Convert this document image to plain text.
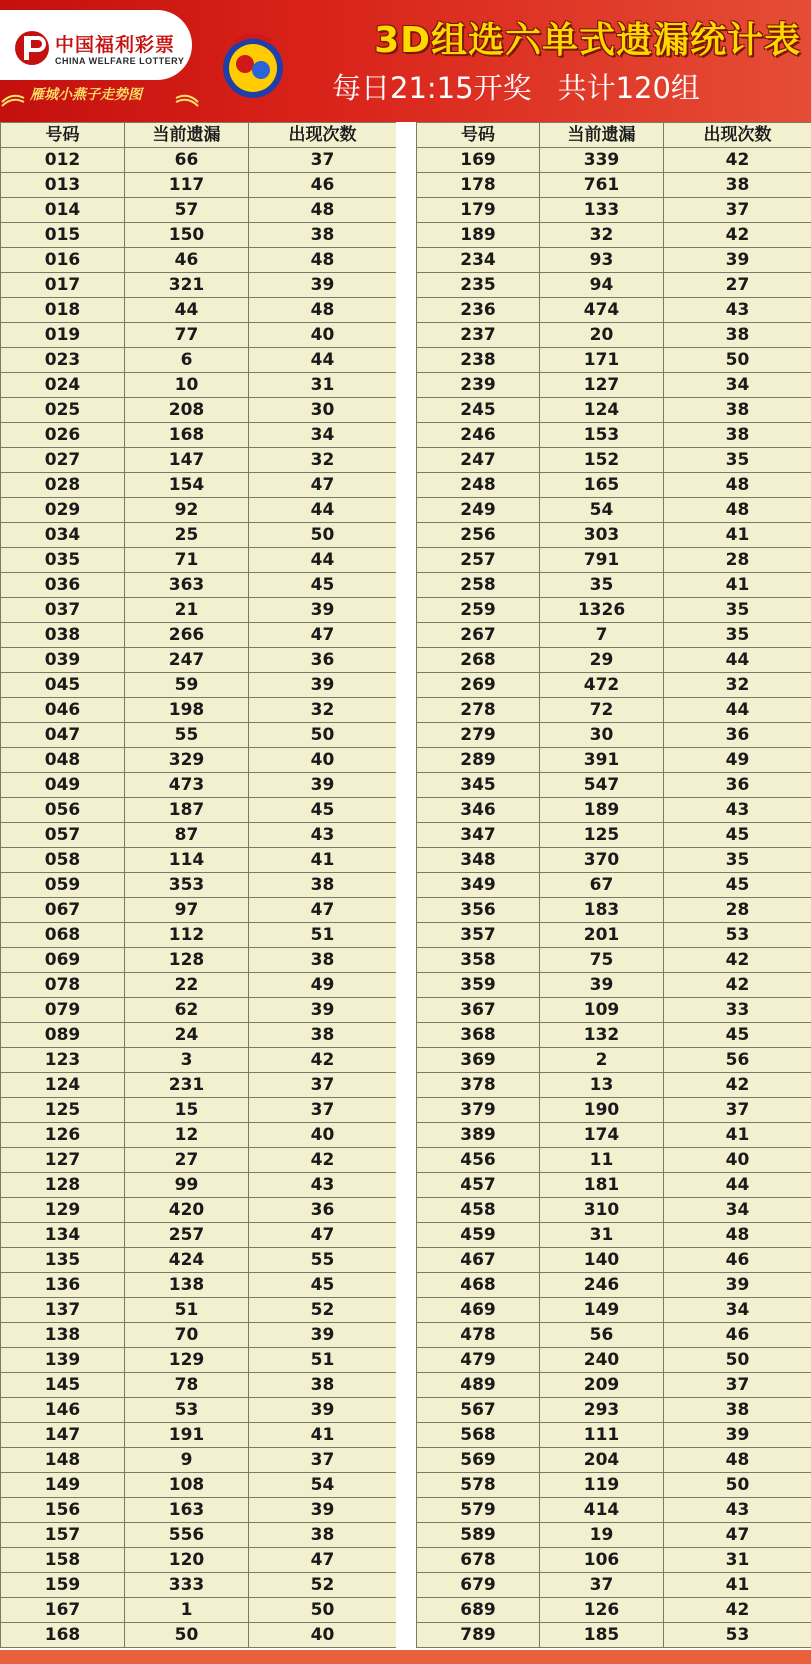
中国福利彩票
CHINA WELFARE LOTTERY
雁城小燕子走势图
3D组选六单式遗漏统计表
每日21:15开奖 共计120组
号码	当前遗漏	出现次数
012	66	37
013	117	46
014	57	48
015	150	38
016	46	48
017	321	39
018	44	48
019	77	40
023	6	44
024	10	31
025	208	30
026	168	34
027	147	32
028	154	47
029	92	44
034	25	50
035	71	44
036	363	45
037	21	39
038	266	47
039	247	36
045	59	39
046	198	32
047	55	50
048	329	40
049	473	39
056	187	45
057	87	43
058	114	41
059	353	38
067	97	47
068	112	51
069	128	38
078	22	49
079	62	39
089	24	38
123	3	42
124	231	37
125	15	37
126	12	40
127	27	42
128	99	43
129	420	36
134	257	47
135	424	55
136	138	45
137	51	52
138	70	39
139	129	51
145	78	38
146	53	39
147	191	41
148	9	37
149	108	54
156	163	39
157	556	38
158	120	47
159	333	52
167	1	50
168	50	40
号码	当前遗漏	出现次数
169	339	42
178	761	38
179	133	37
189	32	42
234	93	39
235	94	27
236	474	43
237	20	38
238	171	50
239	127	34
245	124	38
246	153	38
247	152	35
248	165	48
249	54	48
256	303	41
257	791	28
258	35	41
259	1326	35
267	7	35
268	29	44
269	472	32
278	72	44
279	30	36
289	391	49
345	547	36
346	189	43
347	125	45
348	370	35
349	67	45
356	183	28
357	201	53
358	75	42
359	39	42
367	109	33
368	132	45
369	2	56
378	13	42
379	190	37
389	174	41
456	11	40
457	181	44
458	310	34
459	31	48
467	140	46
468	246	39
469	149	34
478	56	46
479	240	50
489	209	37
567	293	38
568	111	39
569	204	48
578	119	50
579	414	43
589	19	47
678	106	31
679	37	41
689	126	42
789	185	53
